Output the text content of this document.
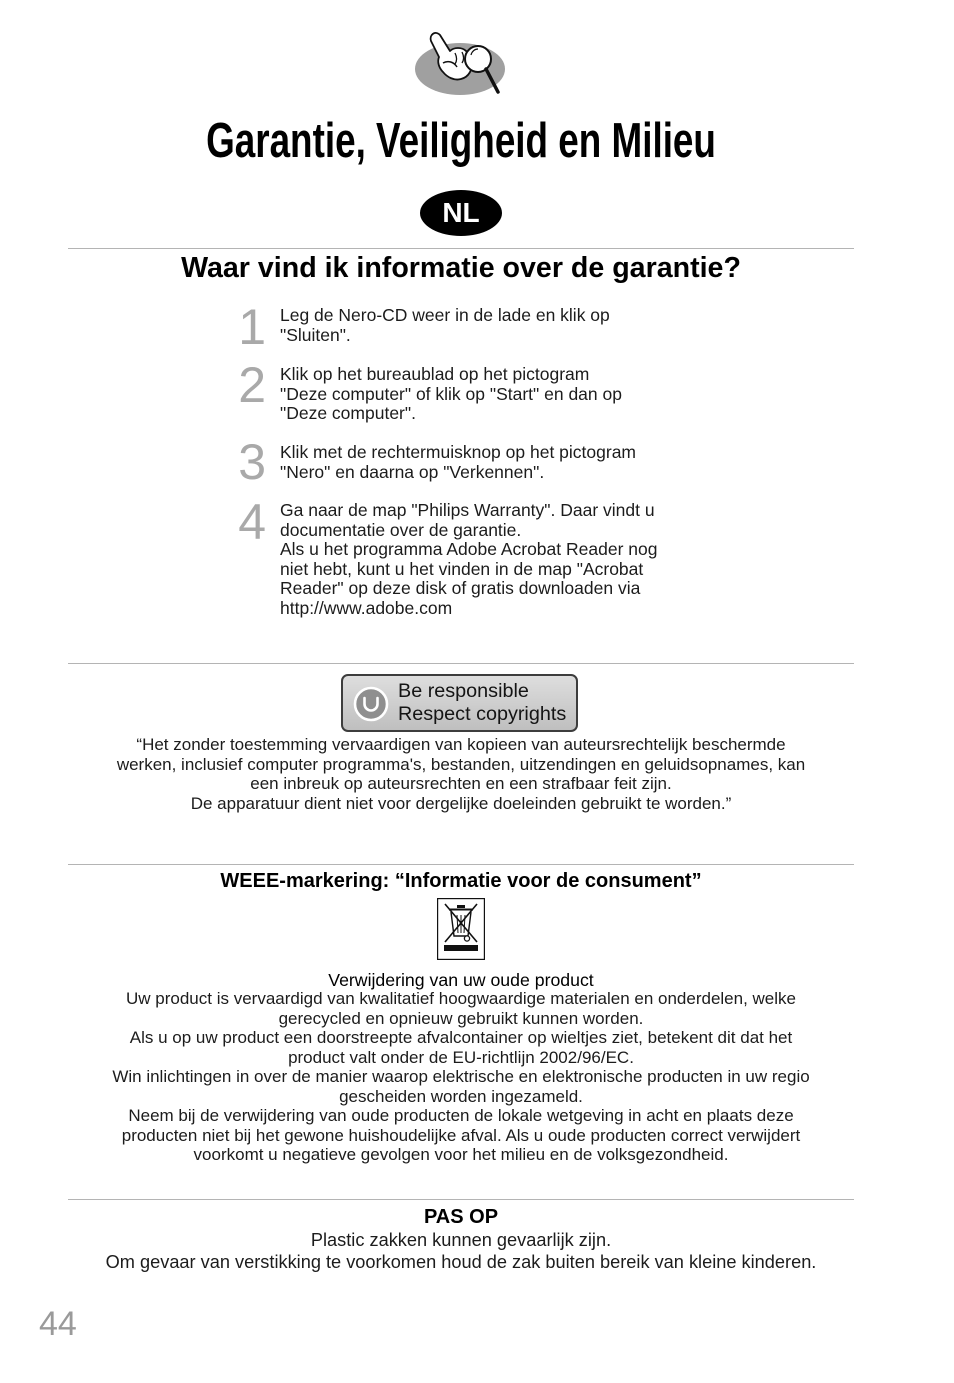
Garantie, Veiligheid en Milieu
NL
Waar vind ik informatie over de garantie?
1 Leg de Nero-CD weer in de lade en klik op
"Sluiten".
2 Klik op het bureaublad op het pictogram
"Deze computer" of klik op "Start" en dan op
"Deze computer".
3 Klik met de rechtermuisknop op het pictogram
"Nero" en daarna op "Verkennen".
4 Ga naar de map "Philips Warranty". Daar vindt u
documentatie over de garantie.
Als u het programma Adobe Acrobat Reader nog
niet hebt, kunt u het vinden in de map "Acrobat
Reader" op deze disk of gratis downloaden via
http://www.adobe.com
Be responsible
Respect copyrights
“Het zonder toestemming vervaardigen van kopieen van auteursrechtelijk beschermde
werken, inclusief computer programma's, bestanden, uitzendingen en geluidsopnames, kan
een inbreuk op auteursrechten en een strafbaar feit zijn.
De apparatuur dient niet voor dergelijke doeleinden gebruikt te worden.”
WEEE-markering: “Informatie voor de consument”
Verwijdering van uw oude product
Uw product is vervaardigd van kwalitatief hoogwaardige materialen en onderdelen, welke
gerecycled en opnieuw gebruikt kunnen worden.
Als u op uw product een doorstreepte afvalcontainer op wieltjes ziet, betekent dit dat het
product valt onder de EU-richtlijn 2002/96/EC.
Win inlichtingen in over de manier waarop elektrische en elektronische producten in uw regio
gescheiden worden ingezameld.
Neem bij de verwijdering van oude producten de lokale wetgeving in acht en plaats deze
producten niet bij het gewone huishoudelijke afval. Als u oude producten correct verwijdert
voorkomt u negatieve gevolgen voor het milieu en de volksgezondheid.
PAS OP
Plastic zakken kunnen gevaarlijk zijn.
Om gevaar van verstikking te voorkomen houd de zak buiten bereik van kleine kinderen.
44
